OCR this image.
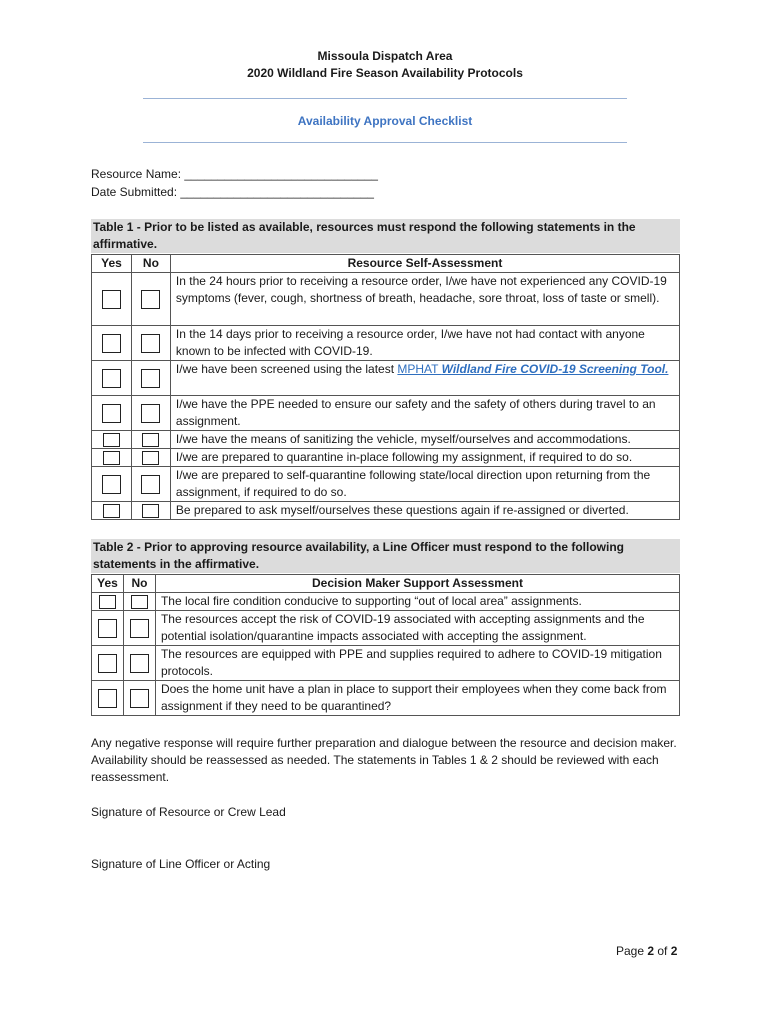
Missoula Dispatch Area
2020 Wildland Fire Season Availability Protocols
Availability Approval Checklist
Resource Name: _____________________________
Date Submitted: _____________________________
Table 1 - Prior to be listed as available, resources must respond the following statements in the affirmative.
Yes	No	Resource Self-Assessment
		In the 24 hours prior to receiving a resource order, I/we have not experienced any COVID-19 symptoms (fever, cough, shortness of breath, headache, sore throat, loss of taste or smell).
		In the 14 days prior to receiving a resource order, I/we have not had contact with anyone known to be infected with COVID-19.
		I/we have been screened using the latest MPHAT Wildland Fire COVID-19 Screening Tool.
		I/we have the PPE needed to ensure our safety and the safety of others during travel to an assignment.
		I/we have the means of sanitizing the vehicle, myself/ourselves and accommodations.
		I/we are prepared to quarantine in-place following my assignment, if required to do so.
		I/we are prepared to self-quarantine following state/local direction upon returning from the assignment, if required to do so.
		Be prepared to ask myself/ourselves these questions again if re-assigned or diverted.
Table 2 - Prior to approving resource availability, a Line Officer must respond to the following statements in the affirmative.
Yes	No	Decision Maker Support Assessment
		The local fire condition conducive to supporting “out of local area” assignments.
		The resources accept the risk of COVID-19 associated with accepting assignments and the potential isolation/quarantine impacts associated with accepting the assignment.
		The resources are equipped with PPE and supplies required to adhere to COVID-19 mitigation protocols.
		Does the home unit have a plan in place to support their employees when they come back from assignment if they need to be quarantined?
Any negative response will require further preparation and dialogue between the resource and decision maker. Availability should be reassessed as needed. The statements in Tables 1 & 2 should be reviewed with each reassessment.
Signature of Resource or Crew Lead
Signature of Line Officer or Acting
Page 2 of 2
